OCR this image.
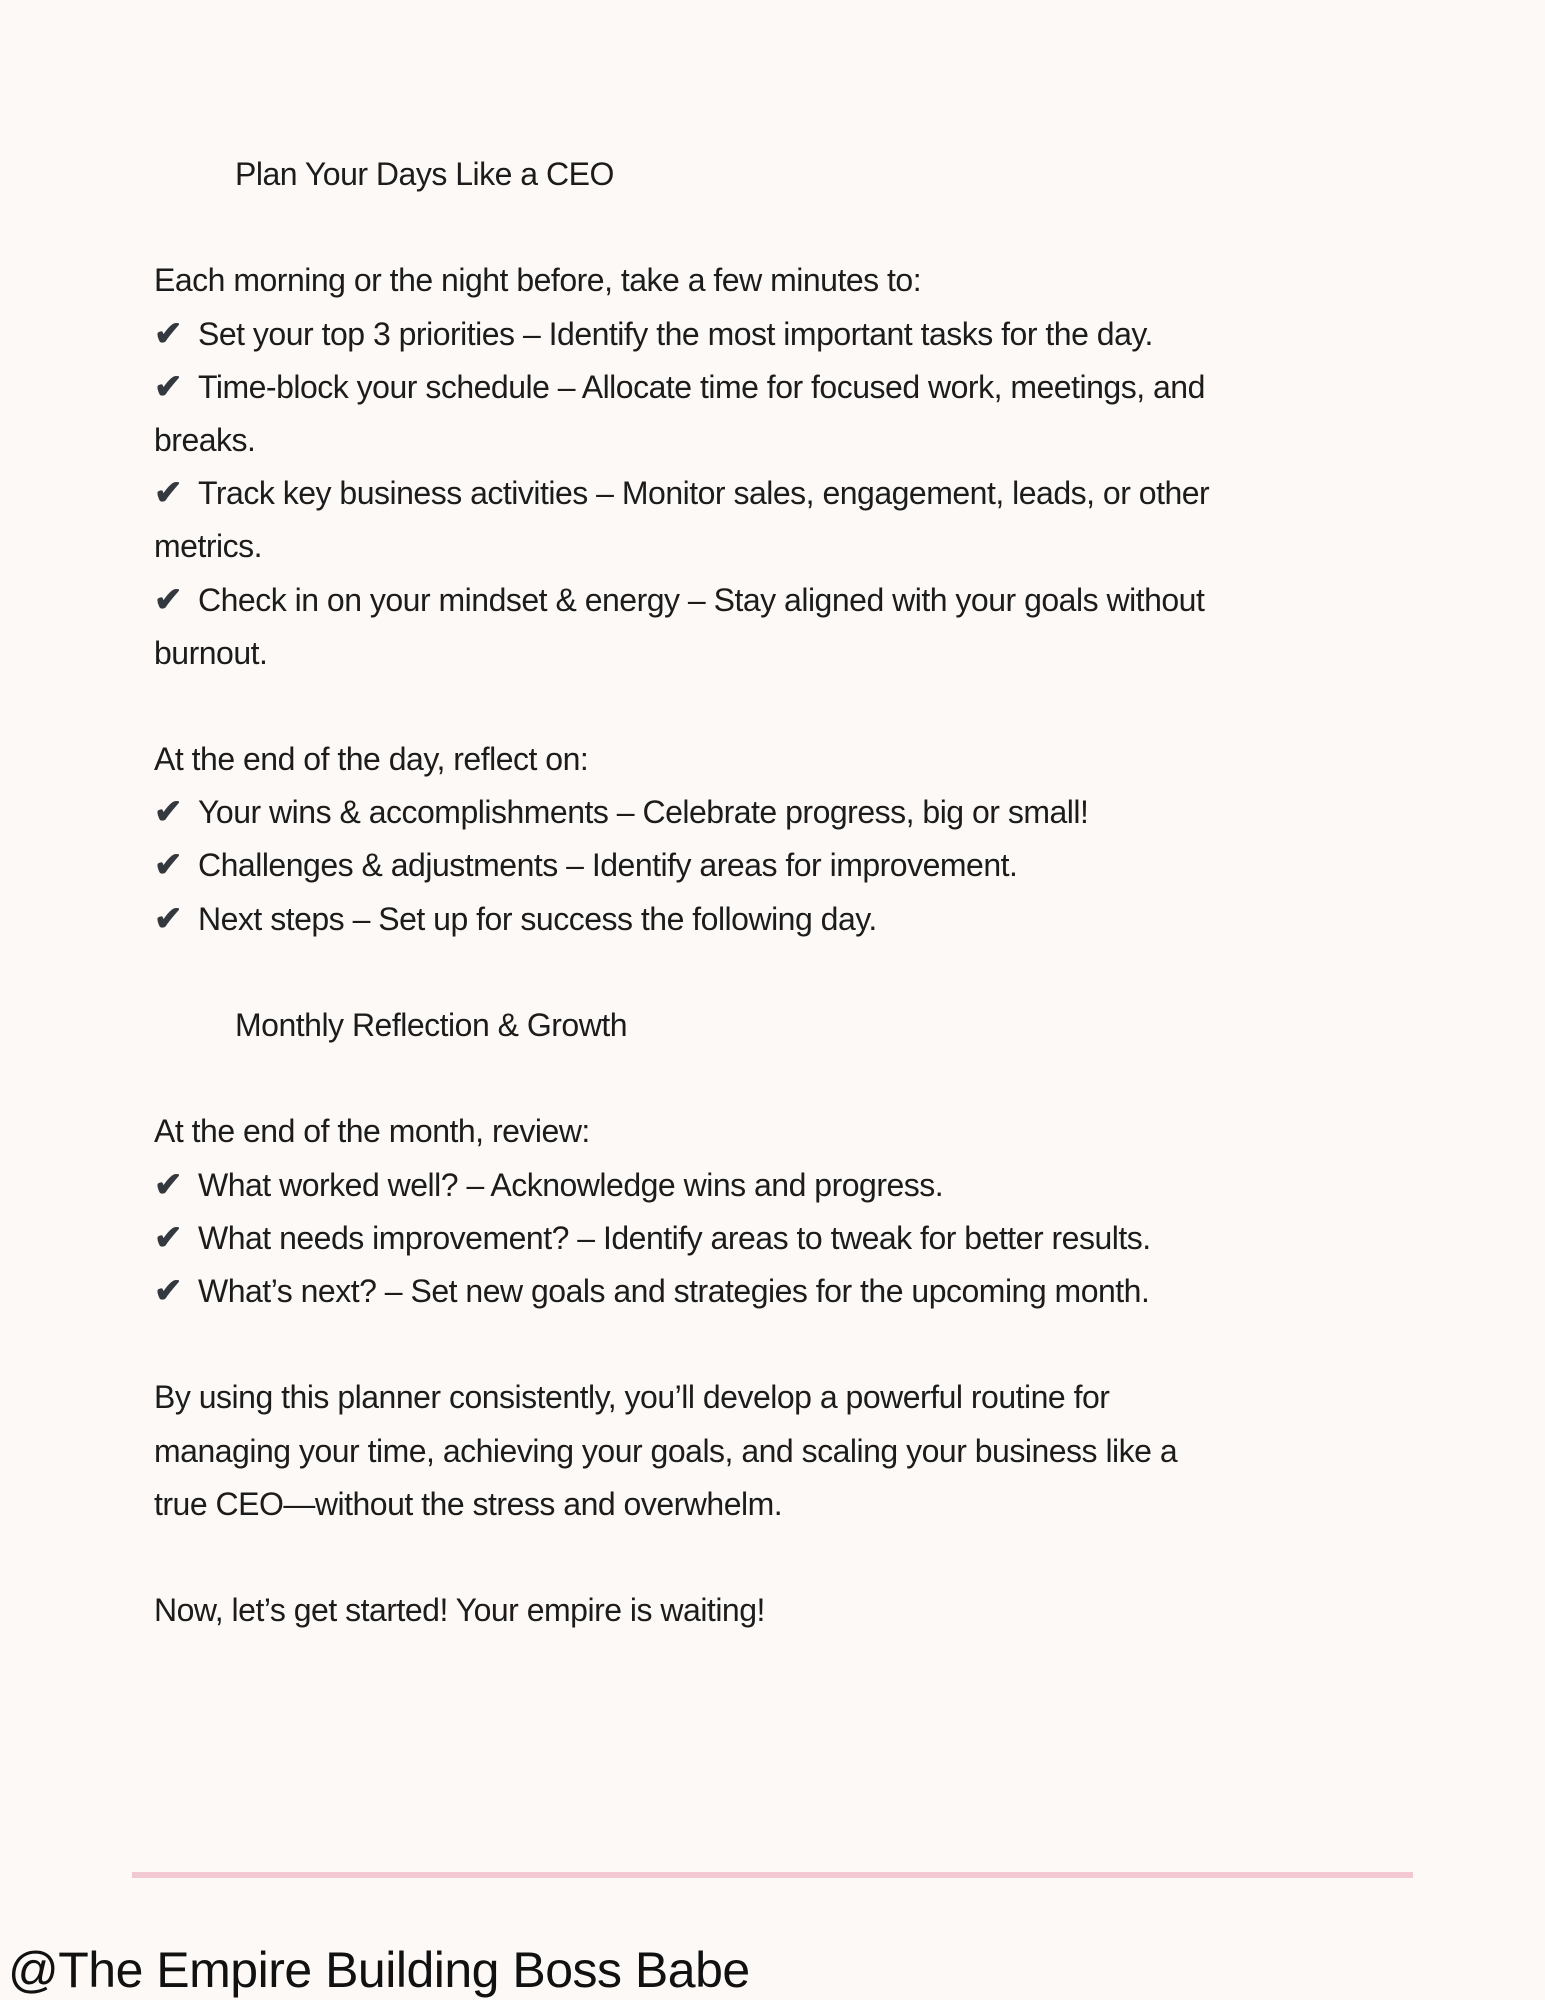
Plan Your Days Like a CEO
Each morning or the night before, take a few minutes to:
✔ Set your top 3 priorities – Identify the most important tasks for the day.
✔ Time-block your schedule – Allocate time for focused work, meetings, and
breaks.
✔ Track key business activities – Monitor sales, engagement, leads, or other
metrics.
✔ Check in on your mindset & energy – Stay aligned with your goals without
burnout.
At the end of the day, reflect on:
✔ Your wins & accomplishments – Celebrate progress, big or small!
✔ Challenges & adjustments – Identify areas for improvement.
✔ Next steps – Set up for success the following day.
Monthly Reflection & Growth
At the end of the month, review:
✔ What worked well? – Acknowledge wins and progress.
✔ What needs improvement? – Identify areas to tweak for better results.
✔ What’s next? – Set new goals and strategies for the upcoming month.
By using this planner consistently, you’ll develop a powerful routine for
managing your time, achieving your goals, and scaling your business like a
true CEO—without the stress and overwhelm.
Now, let’s get started! Your empire is waiting!
@The Empire Building Boss Babe
